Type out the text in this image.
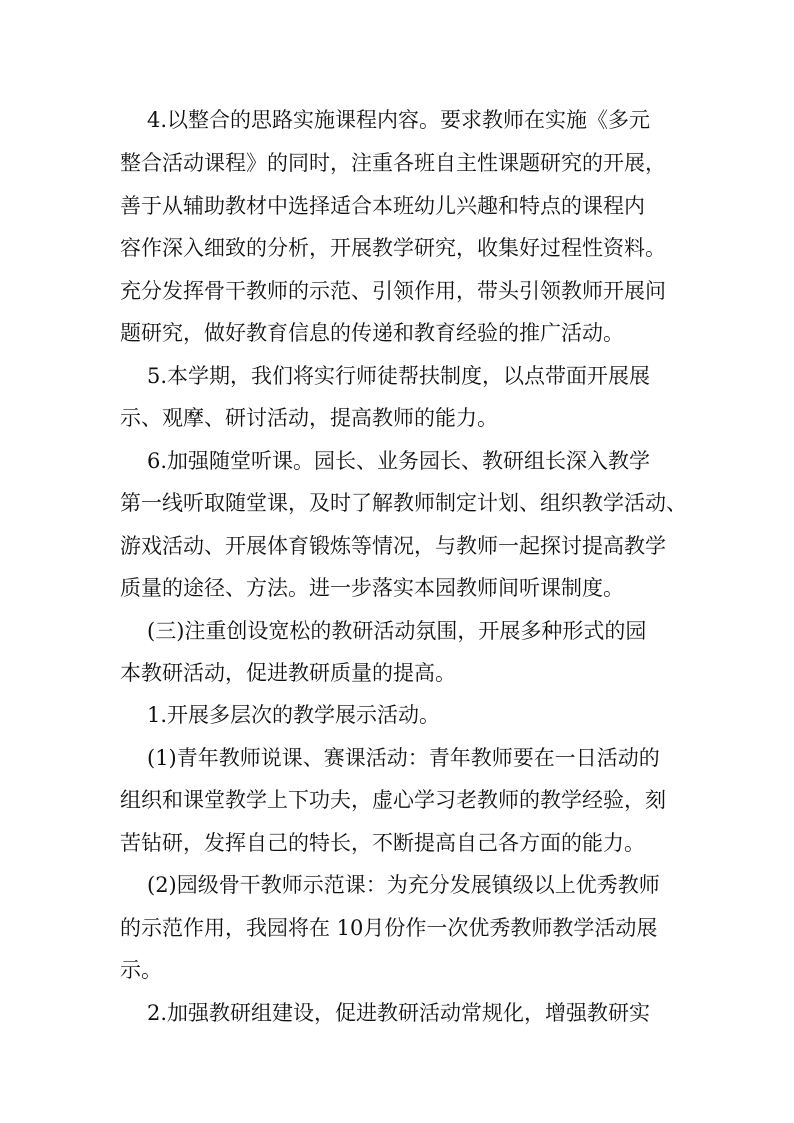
4.以整合的思路实施课程内容。要求教师在实施《多元
整合活动课程》的同时，注重各班自主性课题研究的开展，
善于从辅助教材中选择适合本班幼儿兴趣和特点的课程内
容作深入细致的分析，开展教学研究，收集好过程性资料。
充分发挥骨干教师的示范、引领作用，带头引领教师开展问
题研究，做好教育信息的传递和教育经验的推广活动。
5.本学期，我们将实行师徒帮扶制度，以点带面开展展
示、观摩、研讨活动，提高教师的能力。
6.加强随堂听课。园长、业务园长、教研组长深入教学
第一线听取随堂课，及时了解教师制定计划、组织教学活动、
游戏活动、开展体育锻炼等情况，与教师一起探讨提高教学
质量的途径、方法。进一步落实本园教师间听课制度。
(三)注重创设宽松的教研活动氛围，开展多种形式的园
本教研活动，促进教研质量的提高。
1.开展多层次的教学展示活动。
(1)青年教师说课、赛课活动：青年教师要在一日活动的
组织和课堂教学上下功夫，虚心学习老教师的教学经验，刻
苦钻研，发挥自己的特长，不断提高自己各方面的能力。
(2)园级骨干教师示范课：为充分发展镇级以上优秀教师
的示范作用，我园将在 10月份作一次优秀教师教学活动展
示。
2.加强教研组建设，促进教研活动常规化，增强教研实
